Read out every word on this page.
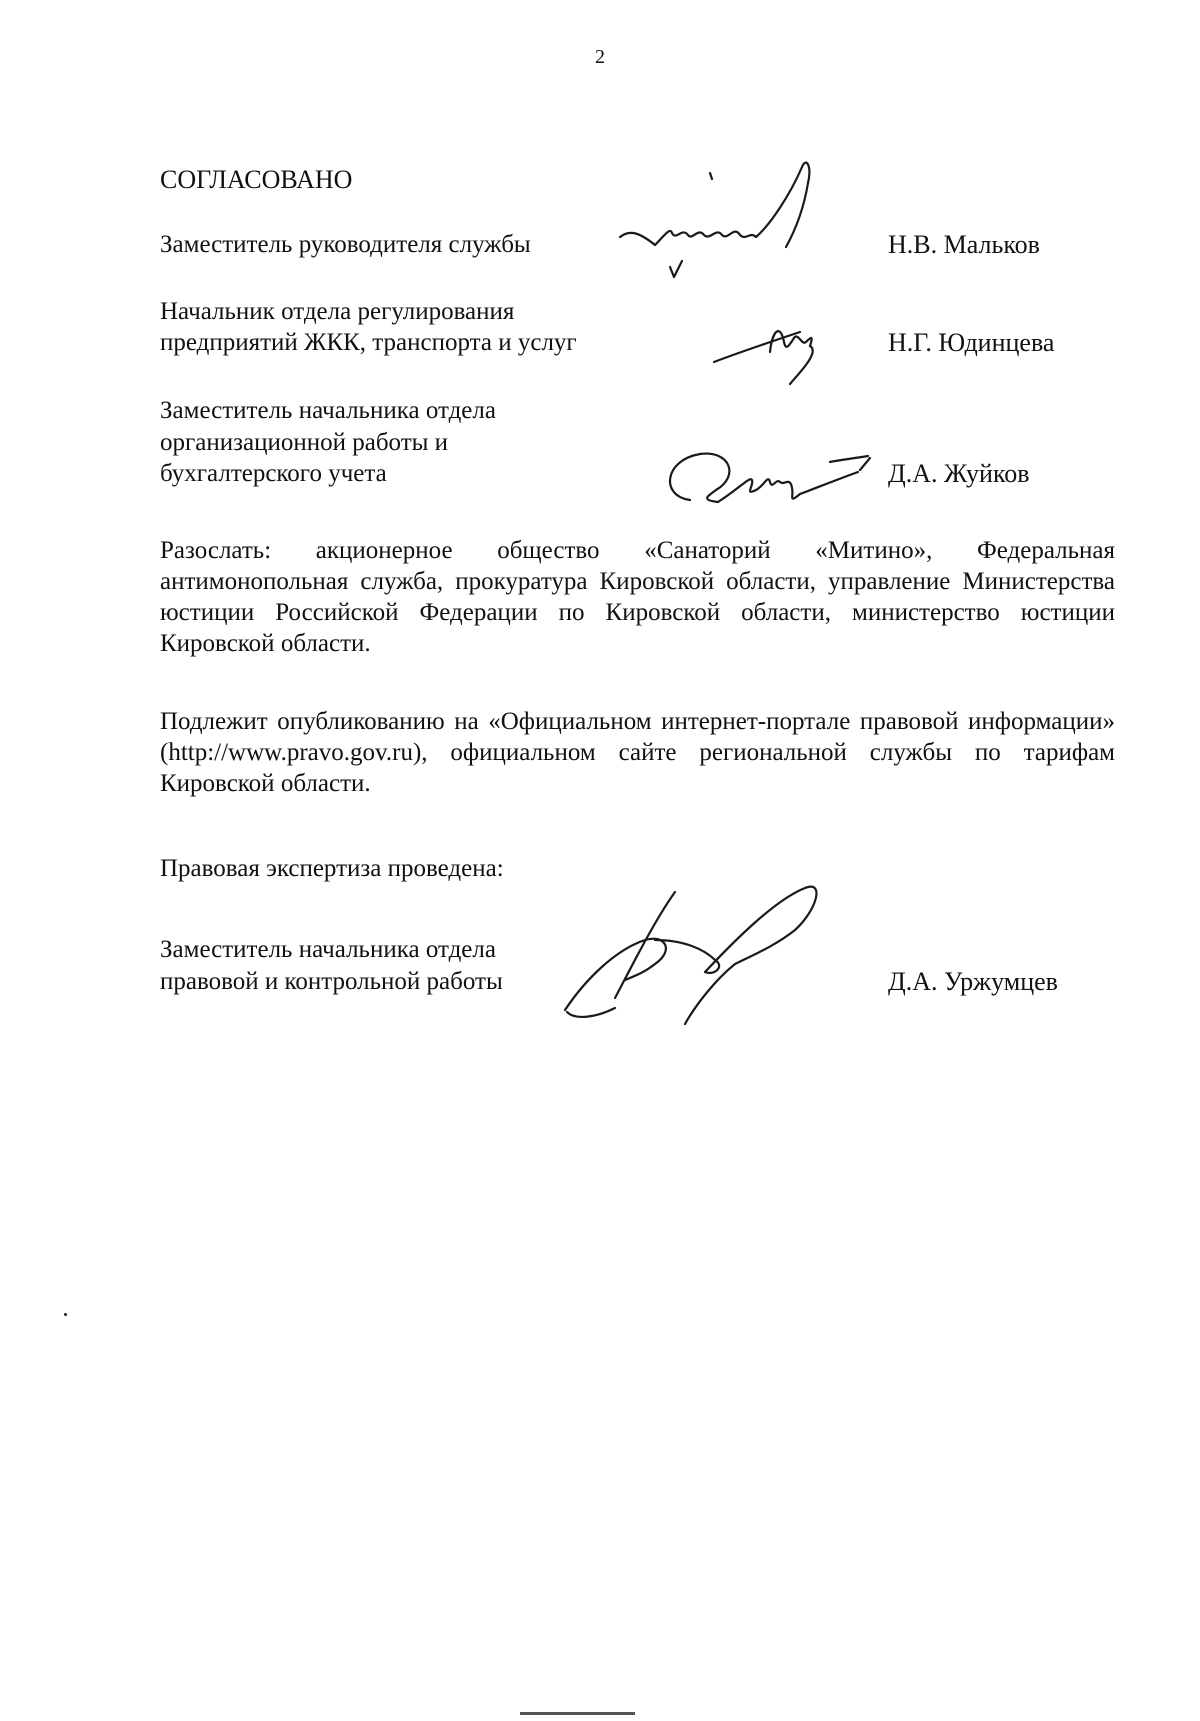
2
СОГЛАСОВАНО
Заместитель руководителя службы	Н.В. Мальков
Начальник отдела регулирования
предприятий ЖКК, транспорта и услуг	Н.Г. Юдинцева
Заместитель начальника отдела
организационной работы и
бухгалтерского учета	Д.А. Жуйков
Разослать: акционерное общество «Санаторий «Митино», Федеральная антимонопольная служба, прокуратура Кировской области, управление Министерства юстиции Российской Федерации по Кировской области, министерство юстиции Кировской области.
Подлежит опубликованию на «Официальном интернет-портале правовой информации» (http://www.pravo.gov.ru), официальном сайте региональной службы по тарифам Кировской области.
Правовая экспертиза проведена:
Заместитель начальника отдела
правовой и контрольной работы	Д.А. Уржумцев
